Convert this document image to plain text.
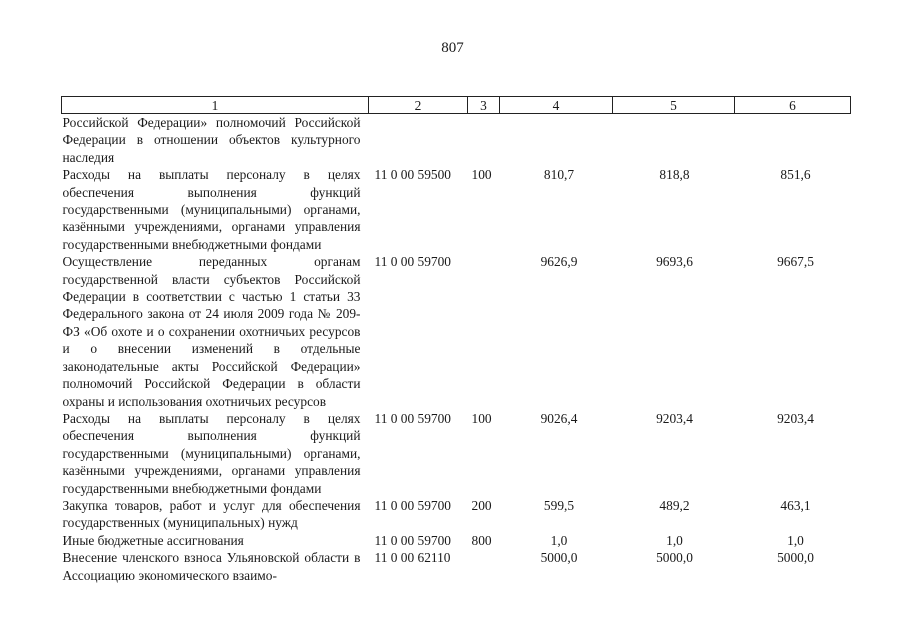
807
1	2	3	4	5	6
Российской Федерации» полномочий Российской Федерации в отношении объектов культурного наследия					
Расходы на выплаты персоналу в целях обеспечения выполнения функций государственными (муниципальными) органами, казёнными учреждениями, органами управления государственными внебюджетными фондами	11 0 00 59500	100	810,7	818,8	851,6
Осуществление переданных органам государственной власти субъектов Российской Федерации в соответствии с частью 1 статьи 33 Федерального закона от 24 июля 2009 года № 209-ФЗ «Об охоте и о сохранении охотничьих ресурсов и о внесении изменений в отдельные законодательные акты Российской Федерации» полномочий Российской Федерации в области охраны и использования охотничьих ресурсов	11 0 00 59700		9626,9	9693,6	9667,5
Расходы на выплаты персоналу в целях обеспечения выполнения функций государственными (муниципальными) органами, казёнными учреждениями, органами управления государственными внебюджетными фондами	11 0 00 59700	100	9026,4	9203,4	9203,4
Закупка товаров, работ и услуг для обеспечения государственных (муниципальных) нужд	11 0 00 59700	200	599,5	489,2	463,1
Иные бюджетные ассигнования	11 0 00 59700	800	1,0	1,0	1,0
Внесение членского взноса Ульяновской области в Ассоциацию экономического взаимо-	11 0 00 62110		5000,0	5000,0	5000,0
